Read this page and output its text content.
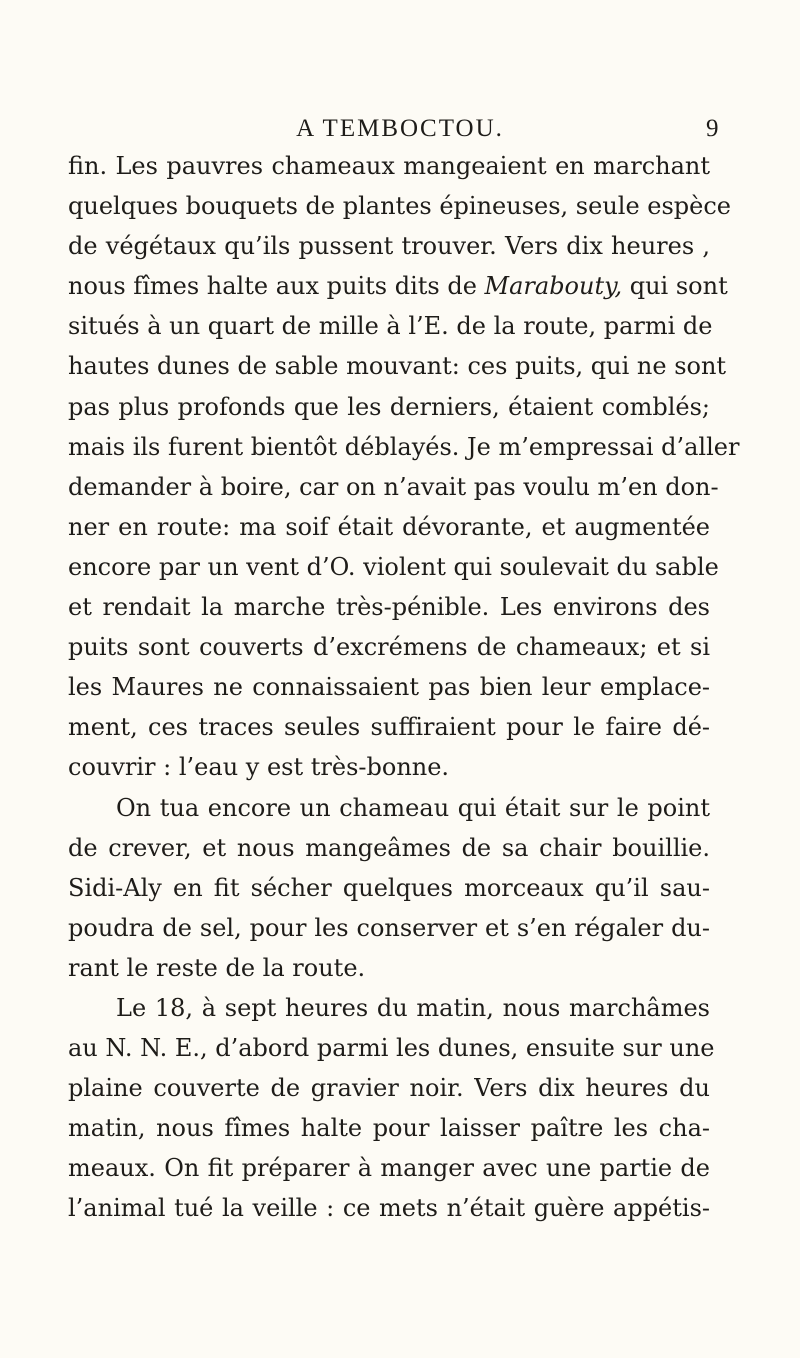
A TEMBOCTOU.	9
fin. Les pauvres chameaux mangeaient en marchant
quelques bouquets de plantes épineuses, seule espèce
de végétaux qu’ils pussent trouver. Vers dix heures ,
nous fîmes halte aux puits dits de Marabouty, qui sont
situés à un quart de mille à l’E. de la route, parmi de
hautes dunes de sable mouvant: ces puits, qui ne sont
pas plus profonds que les derniers, étaient comblés;
mais ils furent bientôt déblayés. Je m’empressai d’aller
demander à boire, car on n’avait pas voulu m’en don-
ner en route: ma soif était dévorante, et augmentée
encore par un vent d’O. violent qui soulevait du sable
et rendait la marche très-pénible. Les environs des
puits sont couverts d’excrémens de chameaux; et si
les Maures ne connaissaient pas bien leur emplace-
ment, ces traces seules suffiraient pour le faire dé-
couvrir : l’eau y est très-bonne.
On tua encore un chameau qui était sur le point
de crever, et nous mangeâmes de sa chair bouillie.
Sidi-Aly en fit sécher quelques morceaux qu’il sau-
poudra de sel, pour les conserver et s’en régaler du-
rant le reste de la route.
Le 18, à sept heures du matin, nous marchâmes
au N. N. E., d’abord parmi les dunes, ensuite sur une
plaine couverte de gravier noir. Vers dix heures du
matin, nous fîmes halte pour laisser paître les cha-
meaux. On fit préparer à manger avec une partie de
l’animal tué la veille : ce mets n’était guère appétis-
